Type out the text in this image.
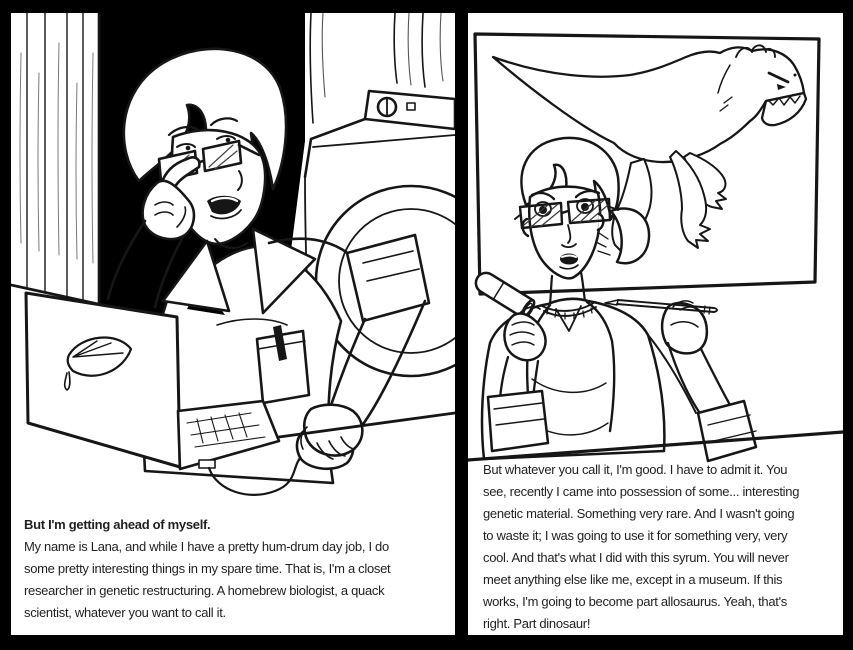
But I'm getting ahead of myself.
My name is Lana, and while I have a pretty hum-drum day job, I do
some pretty interesting things in my spare time. That is, I'm a closet
researcher in genetic restructuring. A homebrew biologist, a quack
scientist, whatever you want to call it.
But whatever you call it, I'm good. I have to admit it. You
see, recently I came into possession of some... interesting
genetic material. Something very rare. And I wasn't going
to waste it; I was going to use it for something very, very
cool. And that's what I did with this syrum. You will never
meet anything else like me, except in a museum. If this
works, I'm going to become part allosaurus. Yeah, that's
right. Part dinosaur!
